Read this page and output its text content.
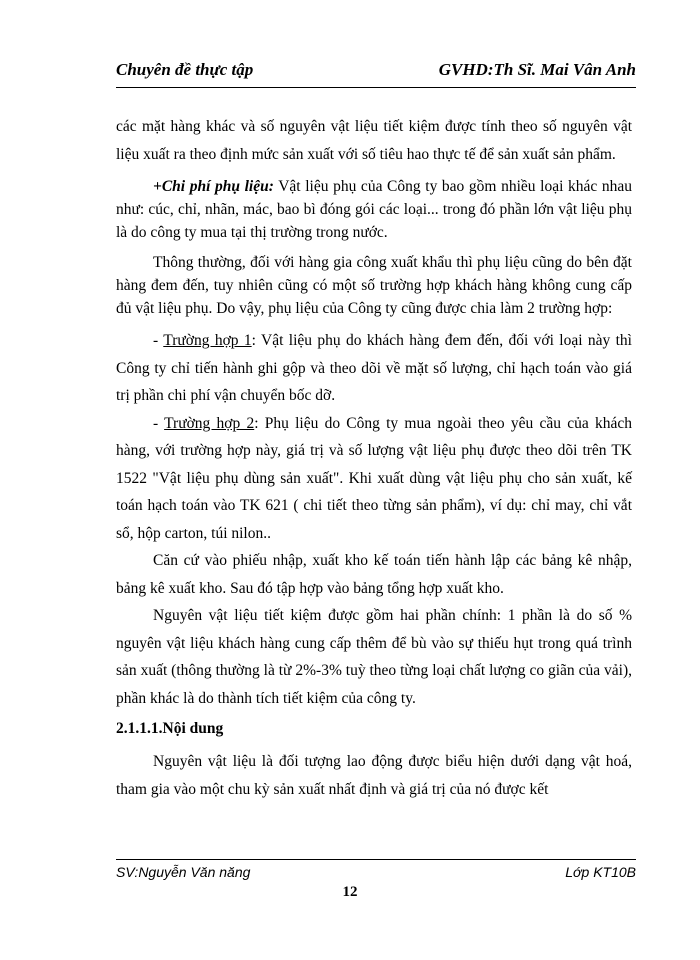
Chuyên đề thực tập	GVHD:Th Sĩ. Mai Vân Anh

các mặt hàng khác và số nguyên vật liệu tiết kiệm được tính theo số nguyên vật liệu xuất ra theo định mức sản xuất với số tiêu hao thực tế để sản xuất sản phẩm.

+Chi phí phụ liệu: Vật liệu phụ của Công ty bao gồm nhiều loại khác nhau như: cúc, chỉ, nhãn, mác, bao bì đóng gói các loại... trong đó phần lớn vật liệu phụ là do công ty mua tại thị trường trong nước.

Thông thường, đối với hàng gia công xuất khẩu thì phụ liệu cũng do bên đặt hàng đem đến, tuy nhiên cũng có một số trường hợp khách hàng không cung cấp đủ vật liệu phụ. Do vậy, phụ liệu của Công ty cũng được chia làm 2 trường hợp:

- Trường hợp 1: Vật liệu phụ do khách hàng đem đến, đối với loại này thì Công ty chỉ tiến hành ghi gộp và theo dõi về mặt số lượng, chỉ hạch toán vào giá trị phần chi phí vận chuyển bốc dỡ.

- Trường hợp 2: Phụ liệu do Công ty mua ngoài theo yêu cầu của khách hàng, với trường hợp này, giá trị và số lượng vật liệu phụ được theo dõi trên TK 1522 "Vật liệu phụ dùng sản xuất". Khi xuất dùng vật liệu phụ cho sản xuất, kế toán hạch toán vào TK 621 ( chi tiết theo từng sản phẩm), ví dụ: chỉ may, chỉ vắt sổ, hộp carton, túi nilon..

Căn cứ vào phiếu nhập, xuất kho kế toán tiến hành lập các bảng kê nhập, bảng kê xuất kho. Sau đó tập hợp vào bảng tổng hợp xuất kho.

Nguyên vật liệu tiết kiệm được gồm hai phần chính: 1 phần là do số % nguyên vật liệu khách hàng cung cấp thêm để bù vào sự thiếu hụt trong quá trình sản xuất (thông thường là từ 2%-3% tuỳ theo từng loại chất lượng co giãn của vải), phần khác là do thành tích tiết kiệm của công ty.

2.1.1.1.Nội dung

Nguyên vật liệu là đối tượng lao động được biểu hiện dưới dạng vật hoá, tham gia vào một chu kỳ sản xuất nhất định và giá trị của nó được kết

SV:Nguyễn Văn năng	Lớp KT10B
12
